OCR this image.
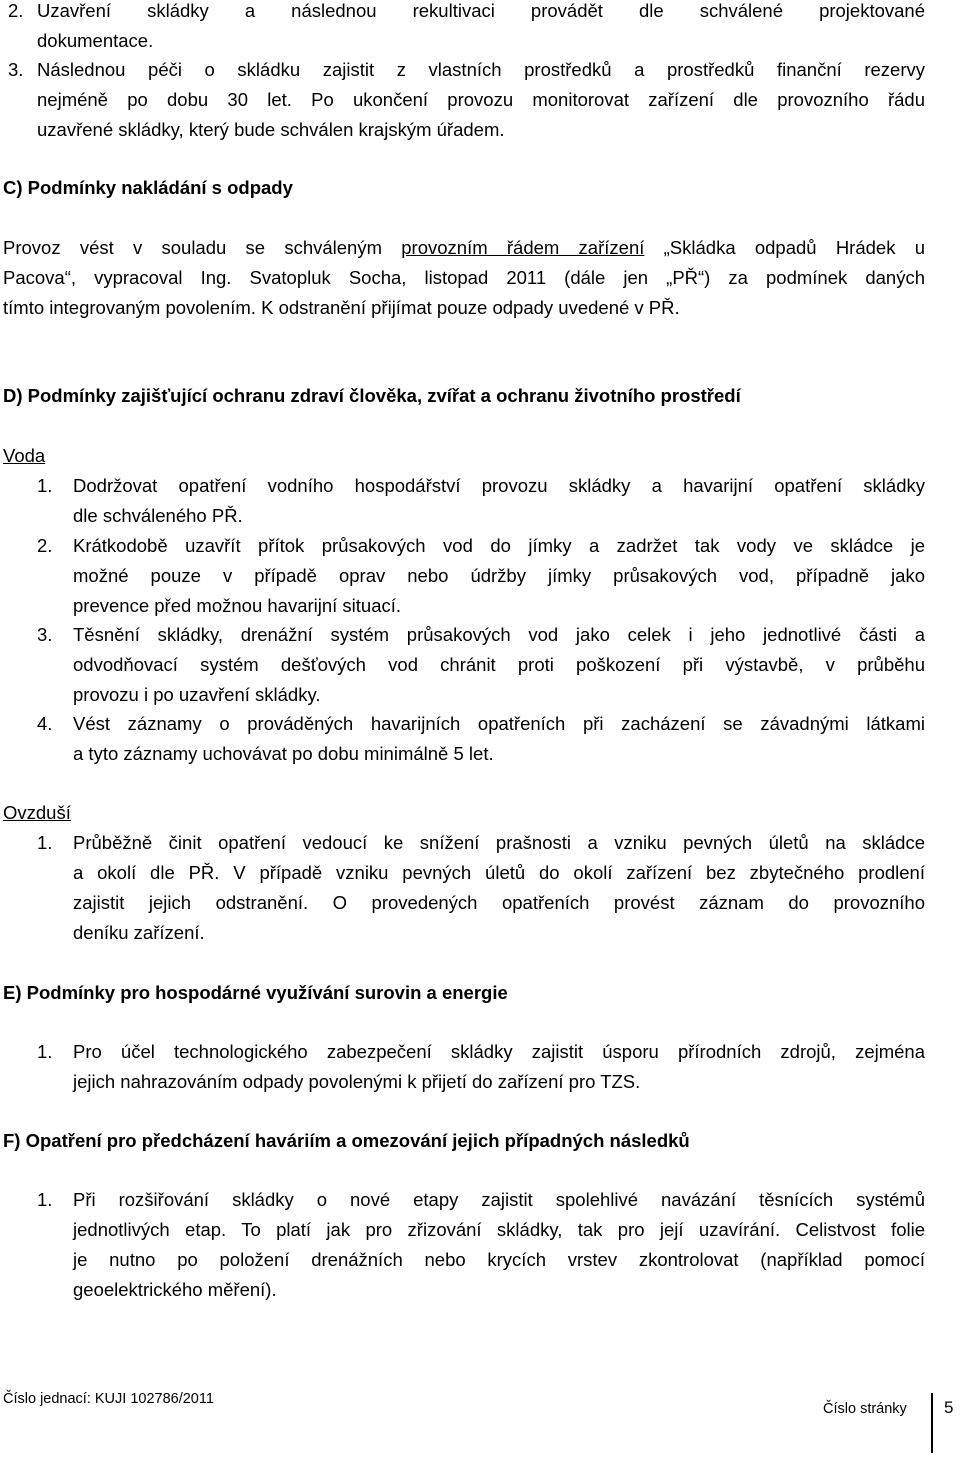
2. Uzavření skládky a následnou rekultivaci provádět dle schválené projektované
dokumentace.
3. Následnou péči o skládku zajistit z vlastních prostředků a prostředků finanční rezervy
nejméně po dobu 30 let. Po ukončení provozu monitorovat zařízení dle provozního řádu
uzavřené skládky, který bude schválen krajským úřadem.
C) Podmínky nakládání s odpady
Provoz vést v souladu se schváleným provozním řádem zařízení „Skládka odpadů Hrádek u
Pacova“, vypracoval Ing. Svatopluk Socha, listopad 2011 (dále jen „PŘ“) za podmínek daných
tímto integrovaným povolením. K odstranění přijímat pouze odpady uvedené v PŘ.
D) Podmínky zajišťující ochranu zdraví člověka, zvířat a ochranu životního prostředí
Voda
1. Dodržovat opatření vodního hospodářství provozu skládky a havarijní opatření skládky
dle schváleného PŘ.
2. Krátkodobě uzavřít přítok průsakových vod do jímky a zadržet tak vody ve skládce je
možné pouze v případě oprav nebo údržby jímky průsakových vod, případně jako
prevence před možnou havarijní situací.
3. Těsnění skládky, drenážní systém průsakových vod jako celek i jeho jednotlivé části a
odvodňovací systém dešťových vod chránit proti poškození při výstavbě, v průběhu
provozu i po uzavření skládky.
4. Vést záznamy o prováděných havarijních opatřeních při zacházení se závadnými látkami
a tyto záznamy uchovávat po dobu minimálně 5 let.
Ovzduší
1. Průběžně činit opatření vedoucí ke snížení prašnosti a vzniku pevných úletů na skládce
a okolí dle PŘ. V případě vzniku pevných úletů do okolí zařízení bez zbytečného prodlení
zajistit jejich odstranění. O provedených opatřeních provést záznam do provozního
deníku zařízení.
E) Podmínky pro hospodárné využívání surovin a energie
1. Pro účel technologického zabezpečení skládky zajistit úsporu přírodních zdrojů, zejména
jejich nahrazováním odpady povolenými k přijetí do zařízení pro TZS.
F) Opatření pro předcházení haváriím a omezování jejich případných následků
1. Při rozšiřování skládky o nové etapy zajistit spolehlivé navázání těsnících systémů
jednotlivých etap. To platí jak pro zřizování skládky, tak pro její uzavírání. Celistvost folie
je nutno po položení drenážních nebo krycích vrstev zkontrolovat (například pomocí
geoelektrického měření).
Číslo jednací: KUJI 102786/2011
Číslo stránky 5
